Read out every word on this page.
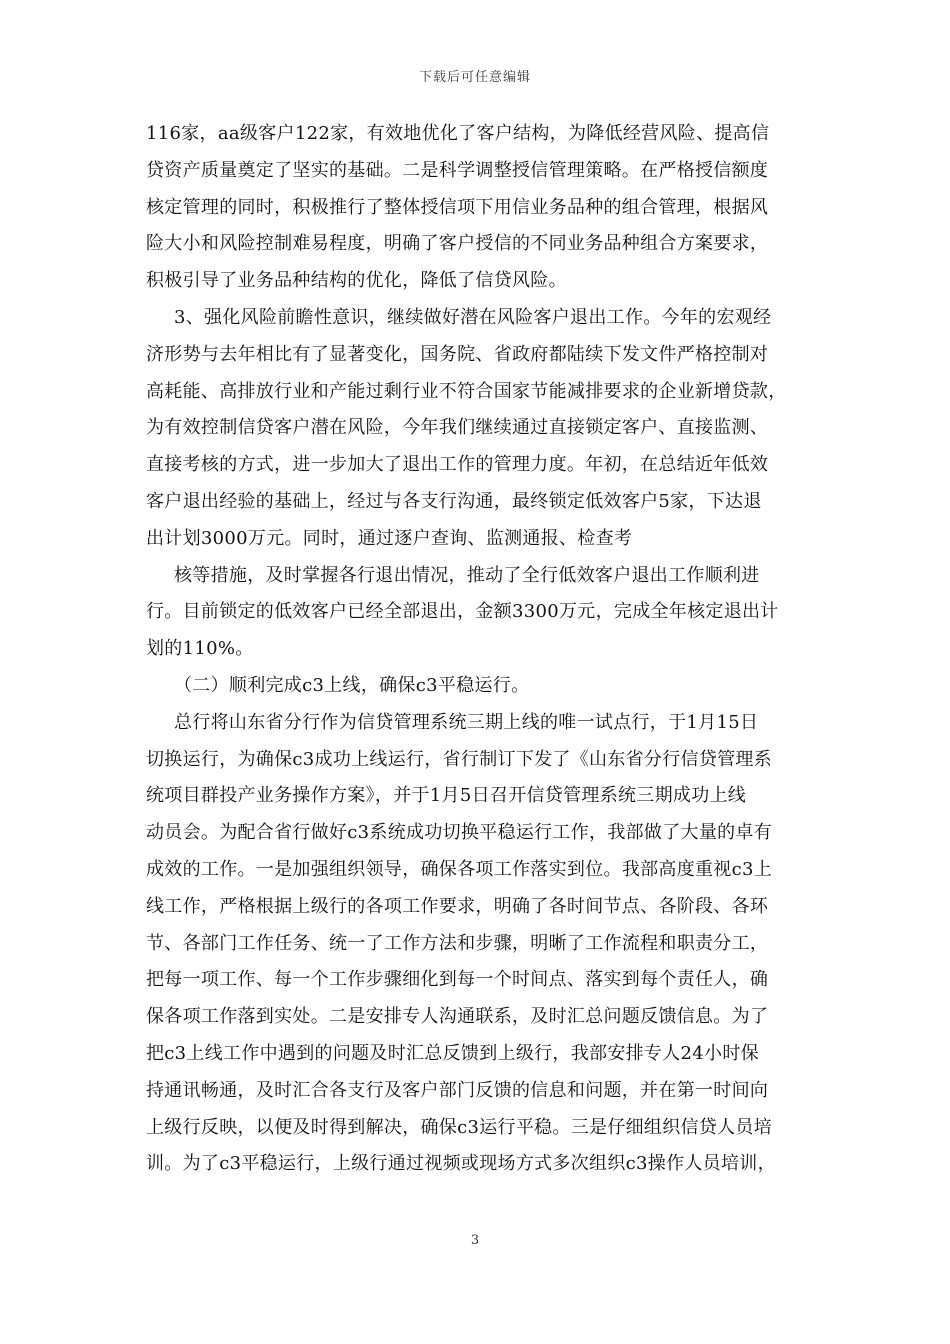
下载后可任意编辑
116家，aa级客户122家，有效地优化了客户结构，为降低经营风险、提高信
贷资产质量奠定了坚实的基础。二是科学调整授信管理策略。在严格授信额度
核定管理的同时，积极推行了整体授信项下用信业务品种的组合管理，根据风
险大小和风险控制难易程度，明确了客户授信的不同业务品种组合方案要求，
积极引导了业务品种结构的优化，降低了信贷风险。
3、强化风险前瞻性意识，继续做好潜在风险客户退出工作。今年的宏观经
济形势与去年相比有了显著变化，国务院、省政府都陆续下发文件严格控制对
高耗能、高排放行业和产能过剩行业不符合国家节能减排要求的企业新增贷款，
为有效控制信贷客户潜在风险，今年我们继续通过直接锁定客户、直接监测、
直接考核的方式，进一步加大了退出工作的管理力度。年初，在总结近年低效
客户退出经验的基础上，经过与各支行沟通，最终锁定低效客户5家，下达退
出计划3000万元。同时，通过逐户查询、监测通报、检查考
核等措施，及时掌握各行退出情况，推动了全行低效客户退出工作顺利进
行。目前锁定的低效客户已经全部退出，金额3300万元，完成全年核定退出计
划的110%。
（二）顺利完成c3上线，确保c3平稳运行。
总行将山东省分行作为信贷管理系统三期上线的唯一试点行，于1月15日
切换运行，为确保c3成功上线运行，省行制订下发了《山东省分行信贷管理系
统项目群投产业务操作方案》，并于1月5日召开信贷管理系统三期成功上线
动员会。为配合省行做好c3系统成功切换平稳运行工作，我部做了大量的卓有
成效的工作。一是加强组织领导，确保各项工作落实到位。我部高度重视c3上
线工作，严格根据上级行的各项工作要求，明确了各时间节点、各阶段、各环
节、各部门工作任务、统一了工作方法和步骤，明晰了工作流程和职责分工，
把每一项工作、每一个工作步骤细化到每一个时间点、落实到每个责任人，确
保各项工作落到实处。二是安排专人沟通联系，及时汇总问题反馈信息。为了
把c3上线工作中遇到的问题及时汇总反馈到上级行，我部安排专人24小时保
持通讯畅通，及时汇合各支行及客户部门反馈的信息和问题，并在第一时间向
上级行反映，以便及时得到解决，确保c3运行平稳。三是仔细组织信贷人员培
训。为了c3平稳运行，上级行通过视频或现场方式多次组织c3操作人员培训，
3
